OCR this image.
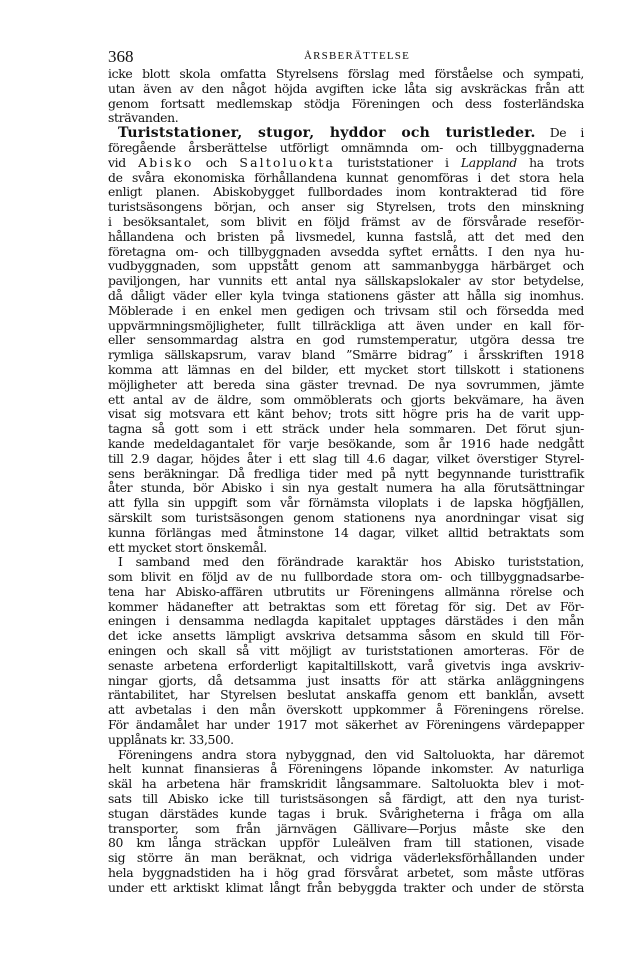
368	ÅRSBERÄTTELSE
icke blott skola omfatta Styrelsens förslag med förståelse och sympati,
utan även av den något höjda avgiften icke låta sig avskräckas från att
genom fortsatt medlemskap stödja Föreningen och dess fosterländska
strävanden.
Turiststationer, stugor, hyddor och turistleder. De i
föregående årsberättelse utförligt omnämnda om- och tillbyggnaderna
vid Abisko och Saltoluokta turiststationer i Lappland ha trots
de svåra ekonomiska förhållandena kunnat genomföras i det stora hela
enligt planen. Abiskobygget fullbordades inom kontrakterad tid före
turistsäsongens början, och anser sig Styrelsen, trots den minskning
i besöksantalet, som blivit en följd främst av de försvårade reseför-
hållandena och bristen på livsmedel, kunna fastslå, att det med den
företagna om- och tillbyggnaden avsedda syftet ernåtts. I den nya hu-
vudbyggnaden, som uppstått genom att sammanbygga härbärget och
paviljongen, har vunnits ett antal nya sällskapslokaler av stor betydelse,
då dåligt väder eller kyla tvinga stationens gäster att hålla sig inomhus.
Möblerade i en enkel men gedigen och trivsam stil och försedda med
uppvärmningsmöjligheter, fullt tillräckliga att även under en kall för-
eller sensommardag alstra en god rumstemperatur, utgöra dessa tre
rymliga sällskapsrum, varav bland ”Smärre bidrag” i årsskriften 1918
komma att lämnas en del bilder, ett mycket stort tillskott i stationens
möjligheter att bereda sina gäster trevnad. De nya sovrummen, jämte
ett antal av de äldre, som ommöblerats och gjorts bekvämare, ha även
visat sig motsvara ett känt behov; trots sitt högre pris ha de varit upp-
tagna så gott som i ett sträck under hela sommaren. Det förut sjun-
kande medeldagantalet för varje besökande, som år 1916 hade nedgått
till 2.9 dagar, höjdes åter i ett slag till 4.6 dagar, vilket överstiger Styrel-
sens beräkningar. Då fredliga tider med på nytt begynnande turisttrafik
åter stunda, bör Abisko i sin nya gestalt numera ha alla förutsättningar
att fylla sin uppgift som vår förnämsta viloplats i de lapska högfjällen,
särskilt som turistsäsongen genom stationens nya anordningar visat sig
kunna förlängas med åtminstone 14 dagar, vilket alltid betraktats som
ett mycket stort önskemål.
I samband med den förändrade karaktär hos Abisko turiststation,
som blivit en följd av de nu fullbordade stora om- och tillbyggnadsarbe-
tena har Abisko-affären utbrutits ur Föreningens allmänna rörelse och
kommer hädanefter att betraktas som ett företag för sig. Det av För-
eningen i densamma nedlagda kapitalet upptages därstädes i den mån
det icke ansetts lämpligt avskriva detsamma såsom en skuld till För-
eningen och skall så vitt möjligt av turiststationen amorteras. För de
senaste arbetena erforderligt kapitaltillskott, varå givetvis inga avskriv-
ningar gjorts, då detsamma just insatts för att stärka anläggningens
räntabilitet, har Styrelsen beslutat anskaffa genom ett banklån, avsett
att avbetalas i den mån överskott uppkommer å Föreningens rörelse.
För ändamålet har under 1917 mot säkerhet av Föreningens värdepapper
upplånats kr. 33,500.
Föreningens andra stora nybyggnad, den vid Saltoluokta, har däremot
helt kunnat finansieras å Föreningens löpande inkomster. Av naturliga
skäl ha arbetena här framskridit långsammare. Saltoluokta blev i mot-
sats till Abisko icke till turistsäsongen så färdigt, att den nya turist-
stugan därstädes kunde tagas i bruk. Svårigheterna i fråga om alla
transporter, som från järnvägen Gällivare—Porjus måste ske den
80 km långa sträckan uppför Luleälven fram till stationen, visade
sig större än man beräknat, och vidriga väderleksförhållanden under
hela byggnadstiden ha i hög grad försvårat arbetet, som måste utföras
under ett arktiskt klimat långt från bebyggda trakter och under de största
